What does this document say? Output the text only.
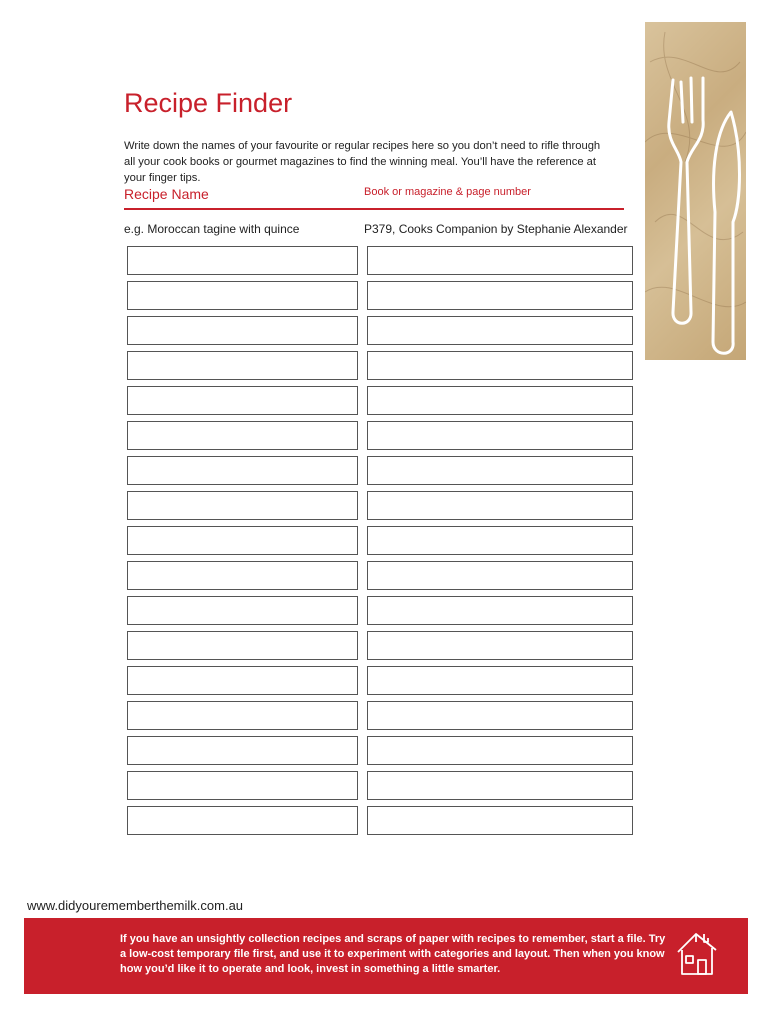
Recipe Finder

Write down the names of your favourite or regular recipes here so you don’t need to rifle through all your cook books or gourmet magazines to find the winning meal. You’ll have the reference at your finger tips.

Recipe Name	Book or magazine & page number

e.g. Moroccan tagine with quince	P379, Cooks Companion by Stephanie Alexander
www.didyourememberthemilk.com.au

If you have an unsightly collection recipes and scraps of paper with recipes to remember, start a file. Try a low-cost temporary file first, and use it to experiment with categories and layout. Then when you know how you’d like it to operate and look, invest in something a little smarter.
